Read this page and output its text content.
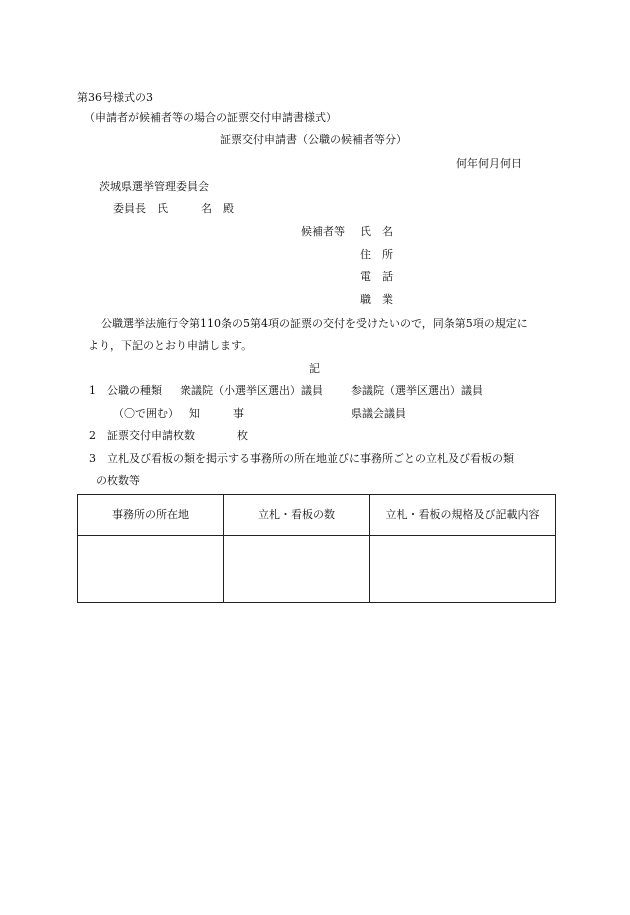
第36号様式の3
（申請者が候補者等の場合の証票交付申請書様式）
証票交付申請書（公職の候補者等分）
何年何月何日
茨城県選挙管理委員会
委員長　氏　　　名　殿
候補者等 氏　名
住　所
電　話
職　業
公職選挙法施行令第110条の5第4項の証票の交付を受けたいので，同条第5項の規定に
より，下記のとおり申請します。
記
1　公職の種類 衆議院（小選挙区選出）議員	参議院（選挙区選出）議員
（〇で囲む） 知　　　事	県議会議員
2　証票交付申請枚数	枚
3　立札及び看板の類を掲示する事務所の所在地並びに事務所ごとの立札及び看板の類
の枚数等
事務所の所在地	立札・看板の数	立札・看板の規格及び記載内容
